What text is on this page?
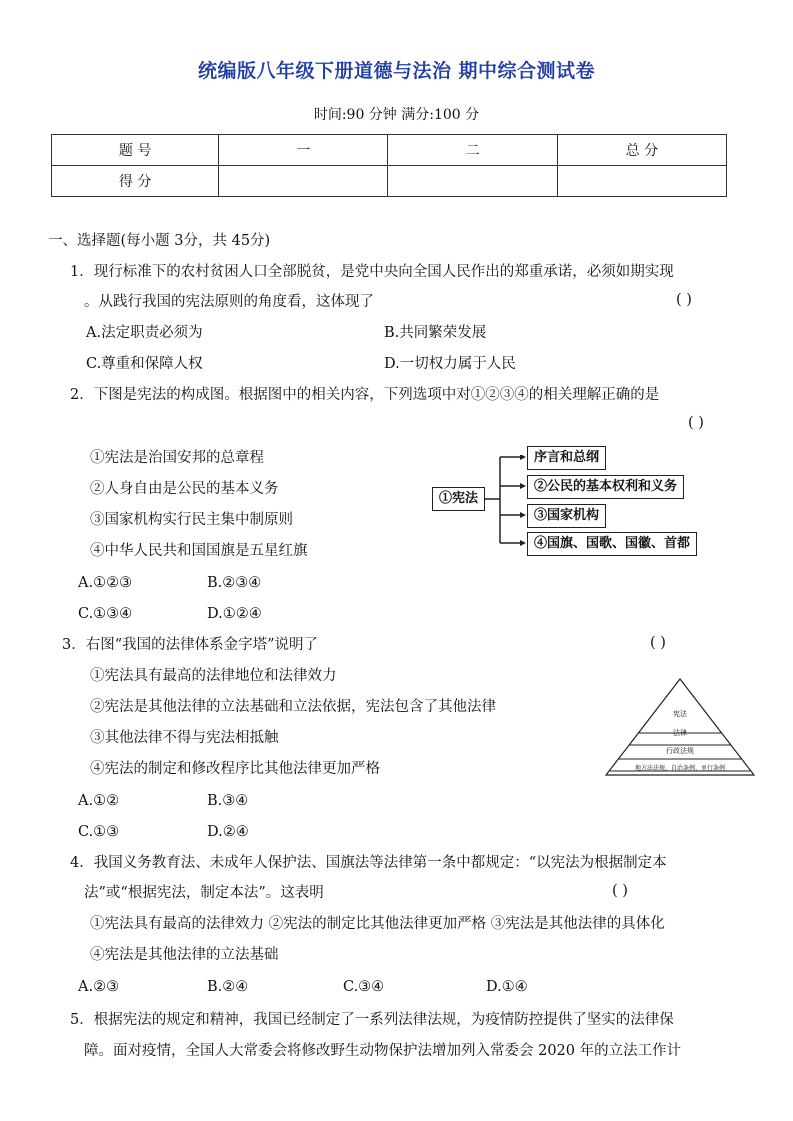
统编版八年级下册道德与法治 期中综合测试卷
时间:90 分钟 满分:100 分
题 号	一	二	总 分
得 分			
一、选择题(每小题 3分，共 45分)
1．现行标准下的农村贫困人口全部脱贫，是党中央向全国人民作出的郑重承诺，必须如期实现
。从践行我国的宪法原则的角度看，这体现了	( )
A.法定职责必须为	B.共同繁荣发展
C.尊重和保障人权	D.一切权力属于人民
2．下图是宪法的构成图。根据图中的相关内容，下列选项中对①②③④的相关理解正确的是
( )
①宪法是治国安邦的总章程
②人身自由是公民的基本义务
③国家机构实行民主集中制原则
④中华人民共和国国旗是五星红旗
A.①②③	B.②③④
C.①③④	D.①②④
①宪法
序言和总纲
②公民的基本权利和义务
③国家机构
④国旗、国歌、国徽、首都
3．右图“我国的法律体系金字塔”说明了	( )
①宪法具有最高的法律地位和法律效力
②宪法是其他法律的立法基础和立法依据，宪法包含了其他法律
③其他法律不得与宪法相抵触
④宪法的制定和修改程序比其他法律更加严格
A.①②	B.③④
C.①③	D.②④
宪法
法律
行政法规
地方法法规、自治条例、单行条例
4．我国义务教育法、未成年人保护法、国旗法等法律第一条中都规定：“以宪法为根据制定本
法”或“根据宪法，制定本法”。这表明	( )
①宪法具有最高的法律效力 ②宪法的制定比其他法律更加严格 ③宪法是其他法律的具体化
④宪法是其他法律的立法基础
A.②③	B.②④	C.③④	D.①④
5．根据宪法的规定和精神，我国已经制定了一系列法律法规，为疫情防控提供了坚实的法律保
障。面对疫情，全国人大常委会将修改野生动物保护法增加列入常委会 2020 年的立法工作计
